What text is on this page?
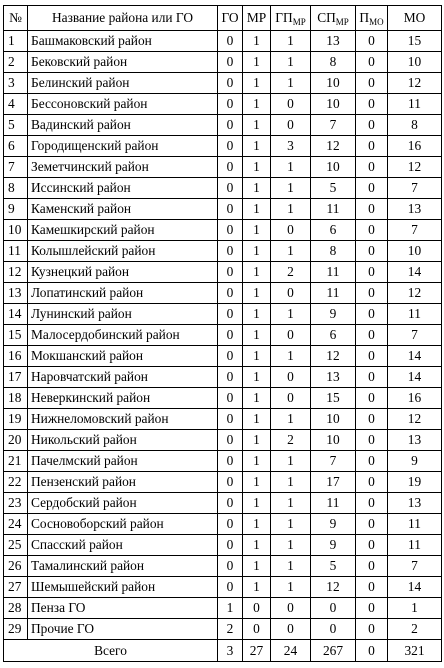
№	Название района или ГО	ГО	МР	$ГП_{МР}$	$СП_{МР}$	$П_{МО}$	МО
1	Башмаковский район	0	1	1	13	0	15
2	Бековский район	0	1	1	8	0	10
3	Белинский район	0	1	1	10	0	12
4	Бессоновский район	0	1	0	10	0	11
5	Вадинский район	0	1	0	7	0	8
6	Городищенский район	0	1	3	12	0	16
7	Земетчинский район	0	1	1	10	0	12
8	Иссинский район	0	1	1	5	0	7
9	Каменский район	0	1	1	11	0	13
10	Камешкирский район	0	1	0	6	0	7
11	Колышлейский район	0	1	1	8	0	10
12	Кузнецкий район	0	1	2	11	0	14
13	Лопатинский район	0	1	0	11	0	12
14	Лунинский район	0	1	1	9	0	11
15	Малосердобинский район	0	1	0	6	0	7
16	Мокшанский район	0	1	1	12	0	14
17	Наровчатский район	0	1	0	13	0	14
18	Неверкинский район	0	1	0	15	0	16
19	Нижнеломовский район	0	1	1	10	0	12
20	Никольский район	0	1	2	10	0	13
21	Пачелмский район	0	1	1	7	0	9
22	Пензенский район	0	1	1	17	0	19
23	Сердобский район	0	1	1	11	0	13
24	Сосновоборский район	0	1	1	9	0	11
25	Спасский район	0	1	1	9	0	11
26	Тамалинский район	0	1	1	5	0	7
27	Шемышейский район	0	1	1	12	0	14
28	Пенза ГО	1	0	0	0	0	1
29	Прочие ГО	2	0	0	0	0	2
Всего		3	27	24	267	0	321
